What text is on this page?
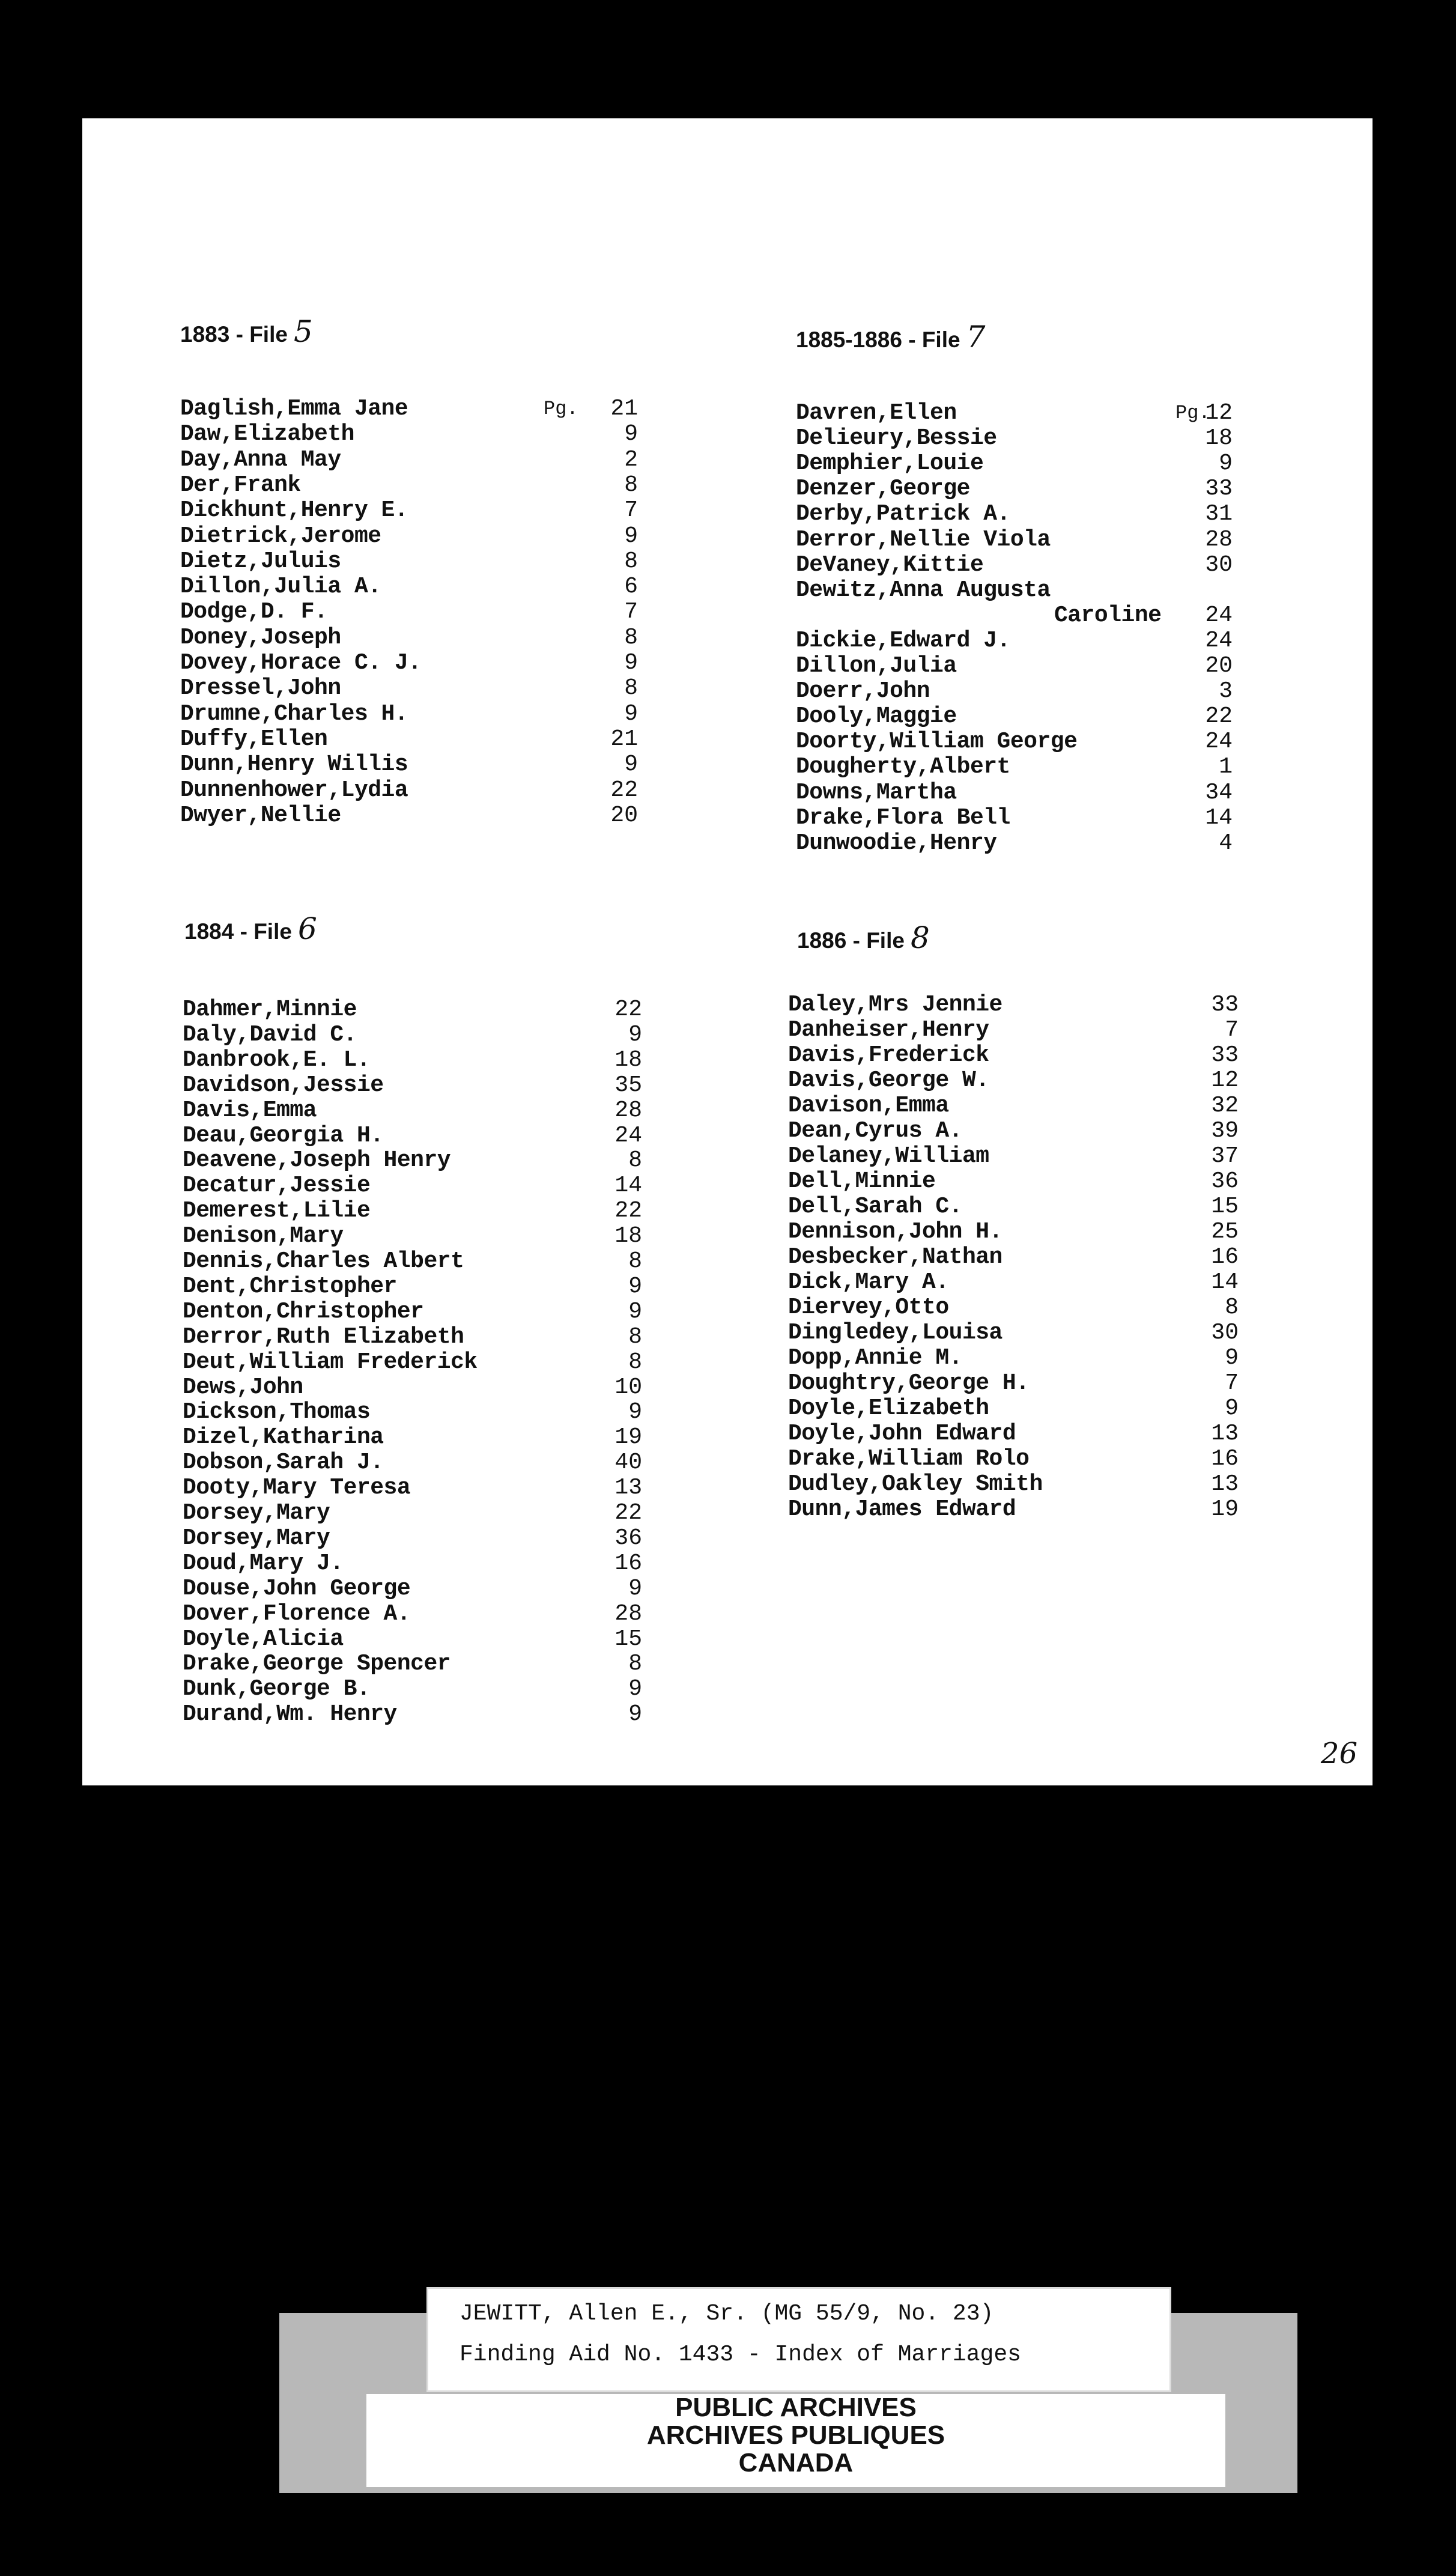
1883 - File 5	1885-1886 - File 7
1884 - File 6	1886 - File 8
Pg.	Pg.
Daglish,Emma Jane	21
Daw,Elizabeth	9
Day,Anna May	2
Der,Frank	8
Dickhunt,Henry E.	7
Dietrick,Jerome	9
Dietz,Juluis	8
Dillon,Julia A.	6
Dodge,D. F.	7
Doney,Joseph	8
Dovey,Horace C. J.	9
Dressel,John	8
Drumne,Charles H.	9
Duffy,Ellen	21
Dunn,Henry Willis	9
Dunnenhower,Lydia	22
Dwyer,Nellie	20
Davren,Ellen	12
Delieury,Bessie	18
Demphier,Louie	9
Denzer,George	33
Derby,Patrick A.	31
Derror,Nellie Viola	28
DeVaney,Kittie	30
Dewitz,Anna Augusta
Caroline 24
Dickie,Edward J.	24
Dillon,Julia	20
Doerr,John	3
Dooly,Maggie	22
Doorty,William George	24
Dougherty,Albert	1
Downs,Martha	34
Drake,Flora Bell	14
Dunwoodie,Henry	4
Dahmer,Minnie	22
Daly,David C.	9
Danbrook,E. L.	18
Davidson,Jessie	35
Davis,Emma	28
Deau,Georgia H.	24
Deavene,Joseph Henry	8
Decatur,Jessie	14
Demerest,Lilie	22
Denison,Mary	18
Dennis,Charles Albert	8
Dent,Christopher	9
Denton,Christopher	9
Derror,Ruth Elizabeth	8
Deut,William Frederick	8
Dews,John	10
Dickson,Thomas	9
Dizel,Katharina	19
Dobson,Sarah J.	40
Dooty,Mary Teresa	13
Dorsey,Mary	22
Dorsey,Mary	36
Doud,Mary J.	16
Douse,John George	9
Dover,Florence A.	28
Doyle,Alicia	15
Drake,George Spencer	8
Dunk,George B.	9
Durand,Wm. Henry	9
Daley,Mrs Jennie	33
Danheiser,Henry	7
Davis,Frederick	33
Davis,George W.	12
Davison,Emma	32
Dean,Cyrus A.	39
Delaney,William	37
Dell,Minnie	36
Dell,Sarah C.	15
Dennison,John H.	25
Desbecker,Nathan	16
Dick,Mary A.	14
Diervey,Otto	8
Dingledey,Louisa	30
Dopp,Annie M.	9
Doughtry,George H.	7
Doyle,Elizabeth	9
Doyle,John Edward	13
Drake,William Rolo	16
Dudley,Oakley Smith	13
Dunn,James Edward	19
26
JEWITT, Allen E., Sr. (MG 55/9, No. 23)
Finding Aid No. 1433 - Index of Marriages
PUBLIC ARCHIVES
ARCHIVES PUBLIQUES
CANADA
